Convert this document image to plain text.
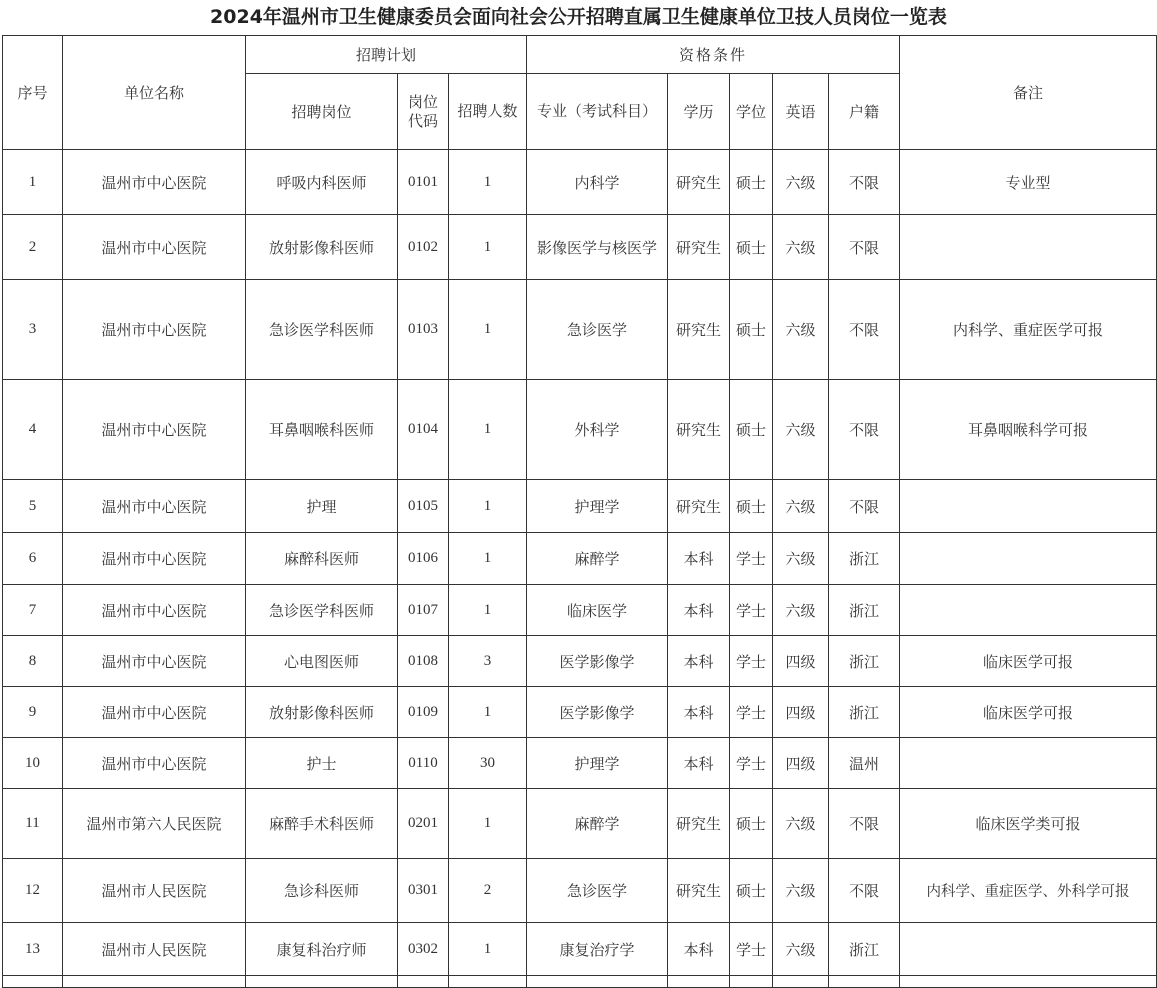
2024年温州市卫生健康委员会面向社会公开招聘直属卫生健康单位卫技人员岗位一览表
序号	单位名称	招聘计划			资格条件					备注
		招聘岗位	岗位代码	招聘人数	专业（考试科目）	学历	学位	英语	户籍	
1	温州市中心医院	呼吸内科医师	0101	1	内科学	研究生	硕士	六级	不限	专业型
2	温州市中心医院	放射影像科医师	0102	1	影像医学与核医学	研究生	硕士	六级	不限	
3	温州市中心医院	急诊医学科医师	0103	1	急诊医学	研究生	硕士	六级	不限	内科学、重症医学可报
4	温州市中心医院	耳鼻咽喉科医师	0104	1	外科学	研究生	硕士	六级	不限	耳鼻咽喉科学可报
5	温州市中心医院	护理	0105	1	护理学	研究生	硕士	六级	不限	
6	温州市中心医院	麻醉科医师	0106	1	麻醉学	本科	学士	六级	浙江	
7	温州市中心医院	急诊医学科医师	0107	1	临床医学	本科	学士	六级	浙江	
8	温州市中心医院	心电图医师	0108	3	医学影像学	本科	学士	四级	浙江	临床医学可报
9	温州市中心医院	放射影像科医师	0109	1	医学影像学	本科	学士	四级	浙江	临床医学可报
10	温州市中心医院	护士	0110	30	护理学	本科	学士	四级	温州	
11	温州市第六人民医院	麻醉手术科医师	0201	1	麻醉学	研究生	硕士	六级	不限	临床医学类可报
12	温州市人民医院	急诊科医师	0301	2	急诊医学	研究生	硕士	六级	不限	内科学、重症医学、外科学可报
13	温州市人民医院	康复科治疗师	0302	1	康复治疗学	本科	学士	六级	浙江	
